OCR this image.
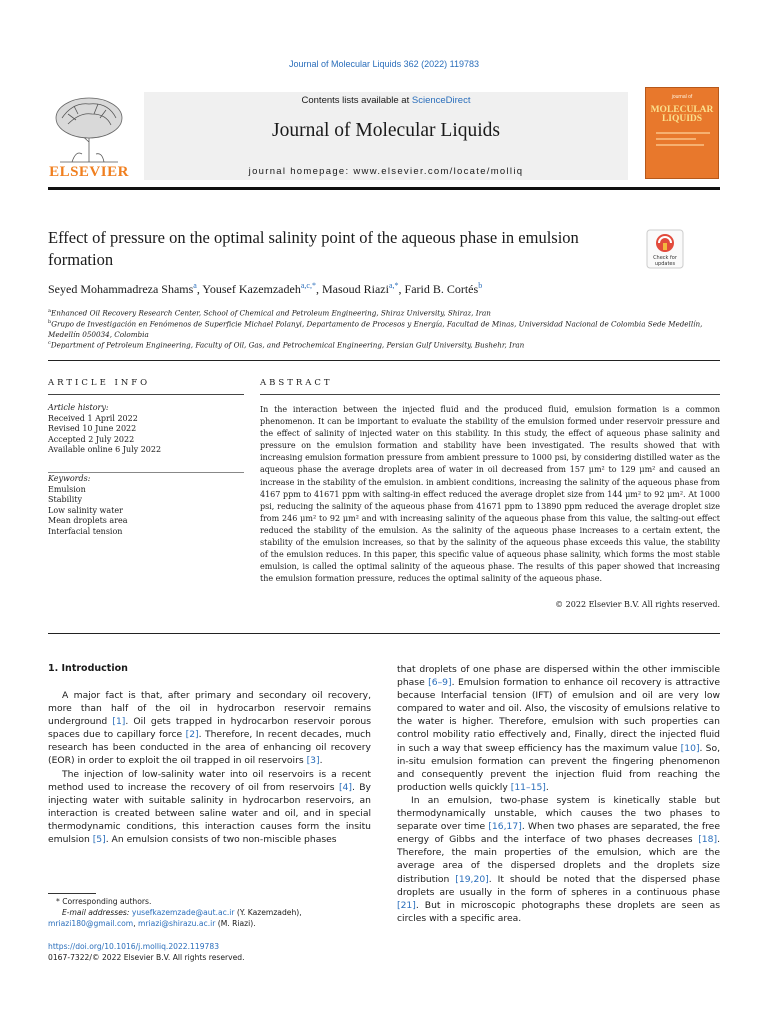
Journal of Molecular Liquids 362 (2022) 119783
ELSEVIER
Contents lists available at ScienceDirect
Journal of Molecular Liquids
journal homepage: www.elsevier.com/locate/molliq
journal of
MOLECULAR
LIQUIDS
Effect of pressure on the optimal salinity point of the aqueous phase in emulsion formation	Check for
updates
Seyed Mohammadreza Shams$^a$, Yousef Kazemzadeh$^{a,c,*}$, Masoud Riazi$^{a,*}$, Farid B. Cortés$^b$
$^a$Enhanced Oil Recovery Research Center, School of Chemical and Petroleum Engineering, Shiraz University, Shiraz, Iran
$^b$Grupo de Investigación en Fenómenos de Superficie Michael Polanyi, Departamento de Procesos y Energía, Facultad de Minas, Universidad Nacional de Colombia Sede Medellín, Medellín 050034, Colombia
$^c$Department of Petroleum Engineering, Faculty of Oil, Gas, and Petrochemical Engineering, Persian Gulf University, Bushehr, Iran
ARTICLE INFO
Article history:
Received 1 April 2022
Revised 10 June 2022
Accepted 2 July 2022
Available online 6 July 2022
Keywords:
Emulsion
Stability
Low salinity water
Mean droplets area
Interfacial tension
ABSTRACT
In the interaction between the injected fluid and the produced fluid, emulsion formation is a common phenomenon. It can be important to evaluate the stability of the emulsion formed under reservoir pressure and the effect of salinity of injected water on this stability. In this study, the effect of aqueous phase salinity and pressure on the emulsion formation and stability have been investigated. The results showed that with increasing emulsion formation pressure from ambient pressure to 1000 psi, by considering distilled water as the aqueous phase the average droplets area of water in oil decreased from 157 μm² to 129 μm² and caused an increase in the stability of the emulsion. in ambient conditions, increasing the salinity of the aqueous phase from 4167 ppm to 41671 ppm with salting-in effect reduced the average droplet size from 144 μm² to 92 μm². At 1000 psi, reducing the salinity of the aqueous phase from 41671 ppm to 13890 ppm reduced the average droplet size from 246 μm² to 92 μm² and with increasing salinity of the aqueous phase from this value, the salting-out effect reduced the stability of the emulsion. As the salinity of the aqueous phase increases to a certain extent, the stability of the emulsion increases, so that by the salinity of the aqueous phase exceeds this value, the stability of the emulsion reduces. In this paper, this specific value of aqueous phase salinity, which forms the most stable emulsion, is called the optimal salinity of the aqueous phase. The results of this paper showed that increasing the emulsion formation pressure, reduces the optimal salinity of the aqueous phase.
© 2022 Elsevier B.V. All rights reserved.
1. Introduction

A major fact is that, after primary and secondary oil recovery, more than half of the oil in hydrocarbon reservoir remains underground [1]. Oil gets trapped in hydrocarbon reservoir porous spaces due to capillary force [2]. Therefore, In recent decades, much research has been conducted in the area of enhancing oil recovery (EOR) in order to exploit the oil trapped in oil reservoirs [3].

The injection of low-salinity water into oil reservoirs is a recent method used to increase the recovery of oil from reservoirs [4]. By injecting water with suitable salinity in hydrocarbon reservoirs, an interaction is created between saline water and oil, and in special thermodynamic conditions, this interaction causes form the insitu emulsion [5]. An emulsion consists of two non-miscible phases

that droplets of one phase are dispersed within the other immiscible phase [6–9]. Emulsion formation to enhance oil recovery is attractive because Interfacial tension (IFT) of emulsion and oil are very low compared to water and oil. Also, the viscosity of emulsions relative to the water is higher. Therefore, emulsion with such properties can control mobility ratio effectively and, Finally, direct the injected fluid in such a way that sweep efficiency has the maximum value [10]. So, in-situ emulsion formation can prevent the fingering phenomenon and consequently prevent the injection fluid from reaching the production wells quickly [11–15].

In an emulsion, two-phase system is kinetically stable but thermodynamically unstable, which causes the two phases to separate over time [16,17]. When two phases are separated, the free energy of Gibbs and the interface of two phases decreases [18]. Therefore, the main properties of the emulsion, which are the average area of the dispersed droplets and the droplets size distribution [19,20]. It should be noted that the dispersed phase droplets are usually in the form of spheres in a continuous phase [21]. But in microscopic photographs these droplets are seen as circles with a specific area.

* Corresponding authors.
E-mail addresses: yusefkazemzade@aut.ac.ir (Y. Kazemzadeh), mriazi180@gmail.com, mriazi@shirazu.ac.ir (M. Riazi).
https://doi.org/10.1016/j.molliq.2022.119783
0167-7322/© 2022 Elsevier B.V. All rights reserved.
